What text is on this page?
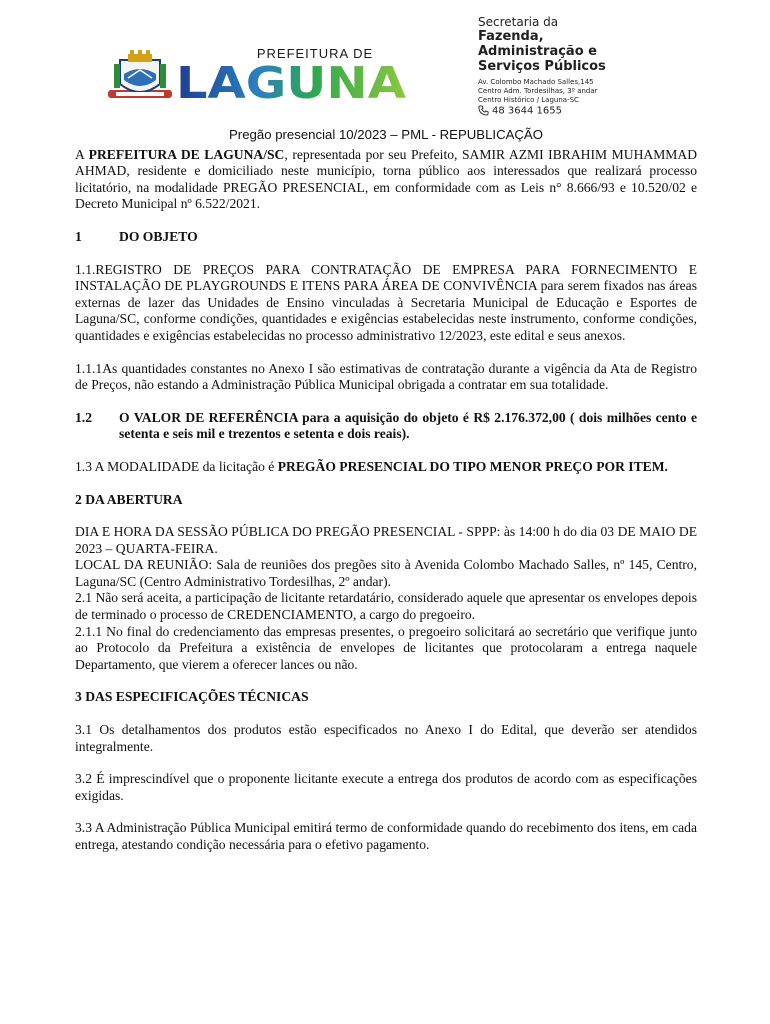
PREFEITURA DE
LAGUNA
Secretaria da
Fazenda,
Administração e
Serviços Públicos
Av. Colombo Machado Salles,145
Centro Adm. Tordesilhas, 3º andar
Centro Histórico / Laguna-SC
48 3644 1655
Pregão presencial 10/2023 – PML - REPUBLICAÇÃO

A PREFEITURA DE LAGUNA/SC, representada por seu Prefeito, SAMIR AZMI IBRAHIM MUHAMMAD AHMAD, residente e domiciliado neste município, torna público aos interessados que realizará processo licitatório, na modalidade PREGÃO PRESENCIAL, em conformidade com as Leis n° 8.666/93 e 10.520/02 e Decreto Municipal nº 6.522/2021.

1	DO OBJETO

1.1.REGISTRO DE PREÇOS PARA CONTRATAÇÃO DE EMPRESA PARA FORNECIMENTO E INSTALAÇÃO DE PLAYGROUNDS E ITENS PARA ÁREA DE CONVIVÊNCIA para serem fixados nas áreas externas de lazer das Unidades de Ensino vinculadas à Secretaria Municipal de Educação e Esportes de Laguna/SC, conforme condições, quantidades e exigências estabelecidas neste instrumento, conforme condições, quantidades e exigências estabelecidas no processo administrativo 12/2023, este edital e seus anexos.

1.1.1As quantidades constantes no Anexo I são estimativas de contratação durante a vigência da Ata de Registro de Preços, não estando a Administração Pública Municipal obrigada a contratar em sua totalidade.

1.2	O VALOR DE REFERÊNCIA para a aquisição do objeto é R$ 2.176.372,00 ( dois milhões cento e setenta e seis mil e trezentos e setenta e dois reais).

1.3 A MODALIDADE da licitação é PREGÃO PRESENCIAL DO TIPO MENOR PREÇO POR ITEM.

2 DA ABERTURA

DIA E HORA DA SESSÃO PÚBLICA DO PREGÃO PRESENCIAL - SPPP: às 14:00 h do dia 03 DE MAIO DE 2023 – QUARTA-FEIRA.

LOCAL DA REUNIÃO: Sala de reuniões dos pregões sito à Avenida Colombo Machado Salles, nº 145, Centro, Laguna/SC (Centro Administrativo Tordesilhas, 2º andar).

2.1 Não será aceita, a participação de licitante retardatário, considerado aquele que apresentar os envelopes depois de terminado o processo de CREDENCIAMENTO, a cargo do pregoeiro.

2.1.1 No final do credenciamento das empresas presentes, o pregoeiro solicitará ao secretário que verifique junto ao Protocolo da Prefeitura a existência de envelopes de licitantes que protocolaram a entrega naquele Departamento, que vierem a oferecer lances ou não.

3 DAS ESPECIFICAÇÕES TÉCNICAS

3.1 Os detalhamentos dos produtos estão especificados no Anexo I do Edital, que deverão ser atendidos integralmente.

3.2 É imprescindível que o proponente licitante execute a entrega dos produtos de acordo com as especificações exigidas.

3.3 A Administração Pública Municipal emitirá termo de conformidade quando do recebimento dos itens, em cada entrega, atestando condição necessária para o efetivo pagamento.
